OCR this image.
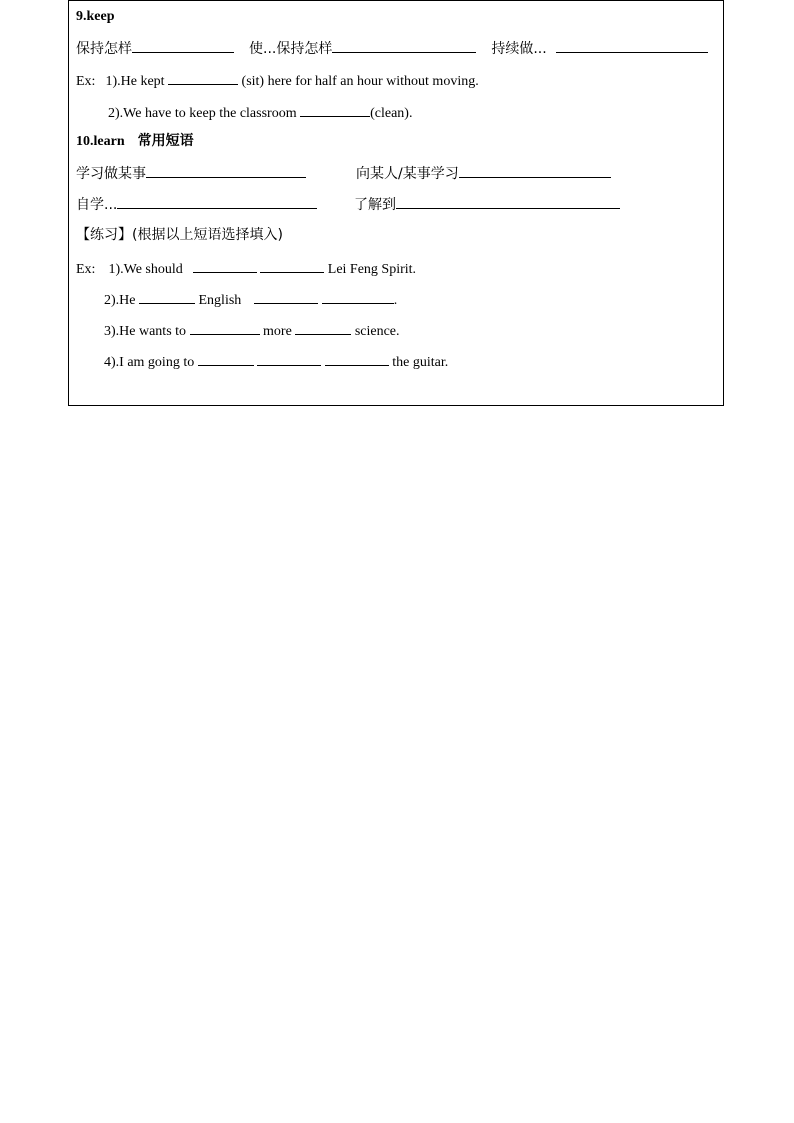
9.keep
保持怎样	使...保持怎样	持续做...
Ex: 1).He kept	(sit) here for half an hour without moving.
2).We have to keep the classroom	(clean).
10.learn 常用短语
学习做某事	向某人/某事学习
自学...	了解到
【练习】(根据以上短语选择填入)
Ex: 1).We should	Lei Feng Spirit.
2).He	English	.
3).He wants to	more	science.
4).I am going to	the guitar.
